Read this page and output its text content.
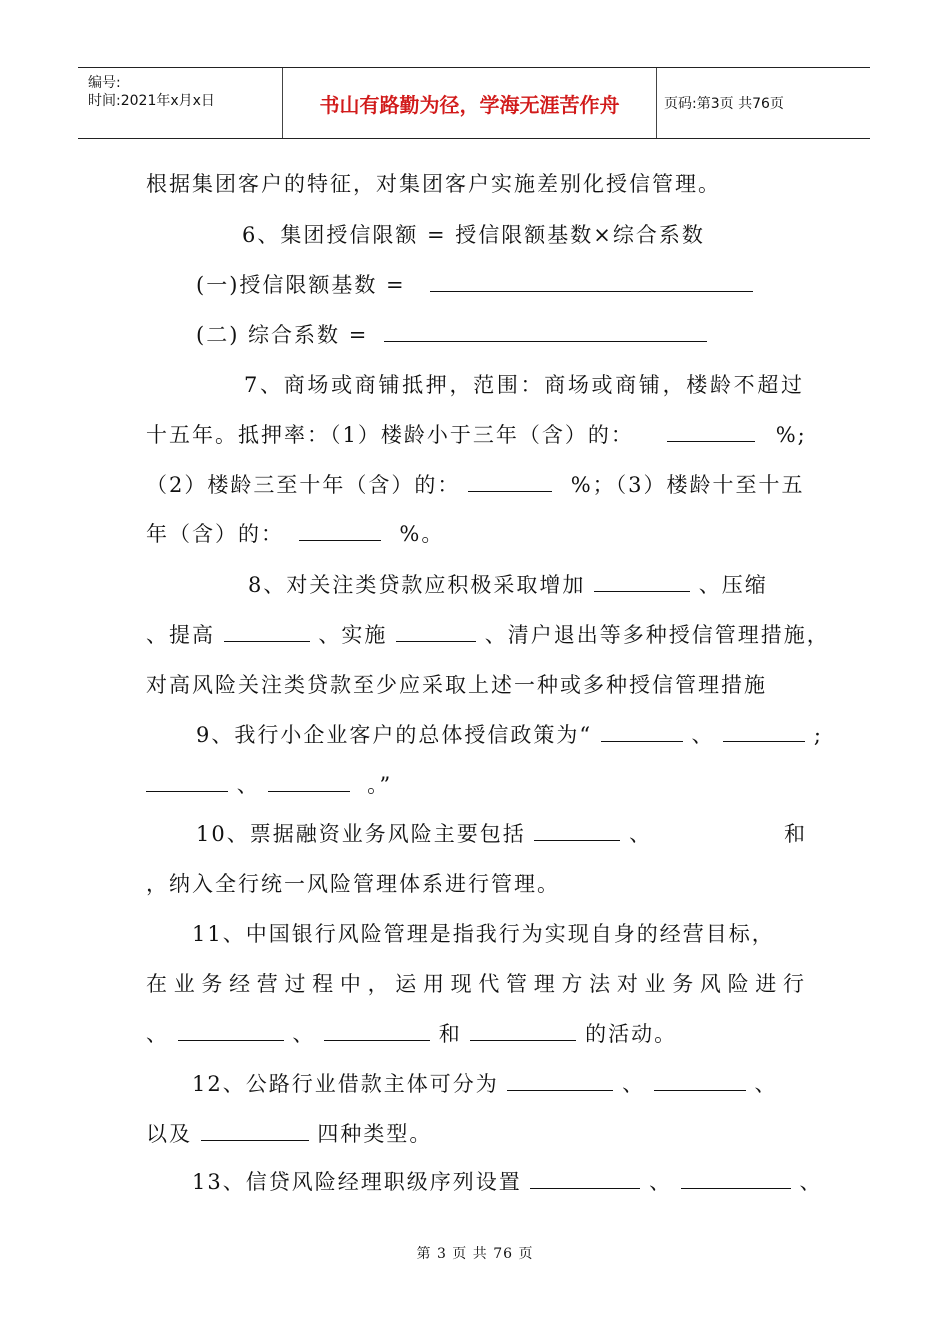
编号:
时间:2021年x月x日	书山有路勤为径，学海无涯苦作舟	页码:第3页 共76页
根据集团客户的特征，对集团客户实施差别化授信管理。
6、集团授信限额 = 授信限额基数×综合系数
(一)授信限额基数 =
(二) 综合系数 =
7、商场或商铺抵押，范围：商场或商铺，楼龄不超过
十五年。抵押率：（1）楼龄小于三年（含）的：	%;
（2）楼龄三至十年（含）的：	%；（3）楼龄十至十五
年（含）的：	%。
8、对关注类贷款应积极采取增加	、压缩
、提高	、实施	、清户退出等多种授信管理措施，
对高风险关注类贷款至少应采取上述一种或多种授信管理措施
9、我行小企业客户的总体授信政策为“	、	;
、	。”
10、票据融资业务风险主要包括	、	和
，纳入全行统一风险管理体系进行管理。
11、中国银行风险管理是指我行为实现自身的经营目标，
在业务经营过程中，运用现代管理方法对业务风险进行
、	、	和	的活动。
12、公路行业借款主体可分为	、	、
以及	四种类型。
13、信贷风险经理职级序列设置	、	、
第 3 页 共 76 页
